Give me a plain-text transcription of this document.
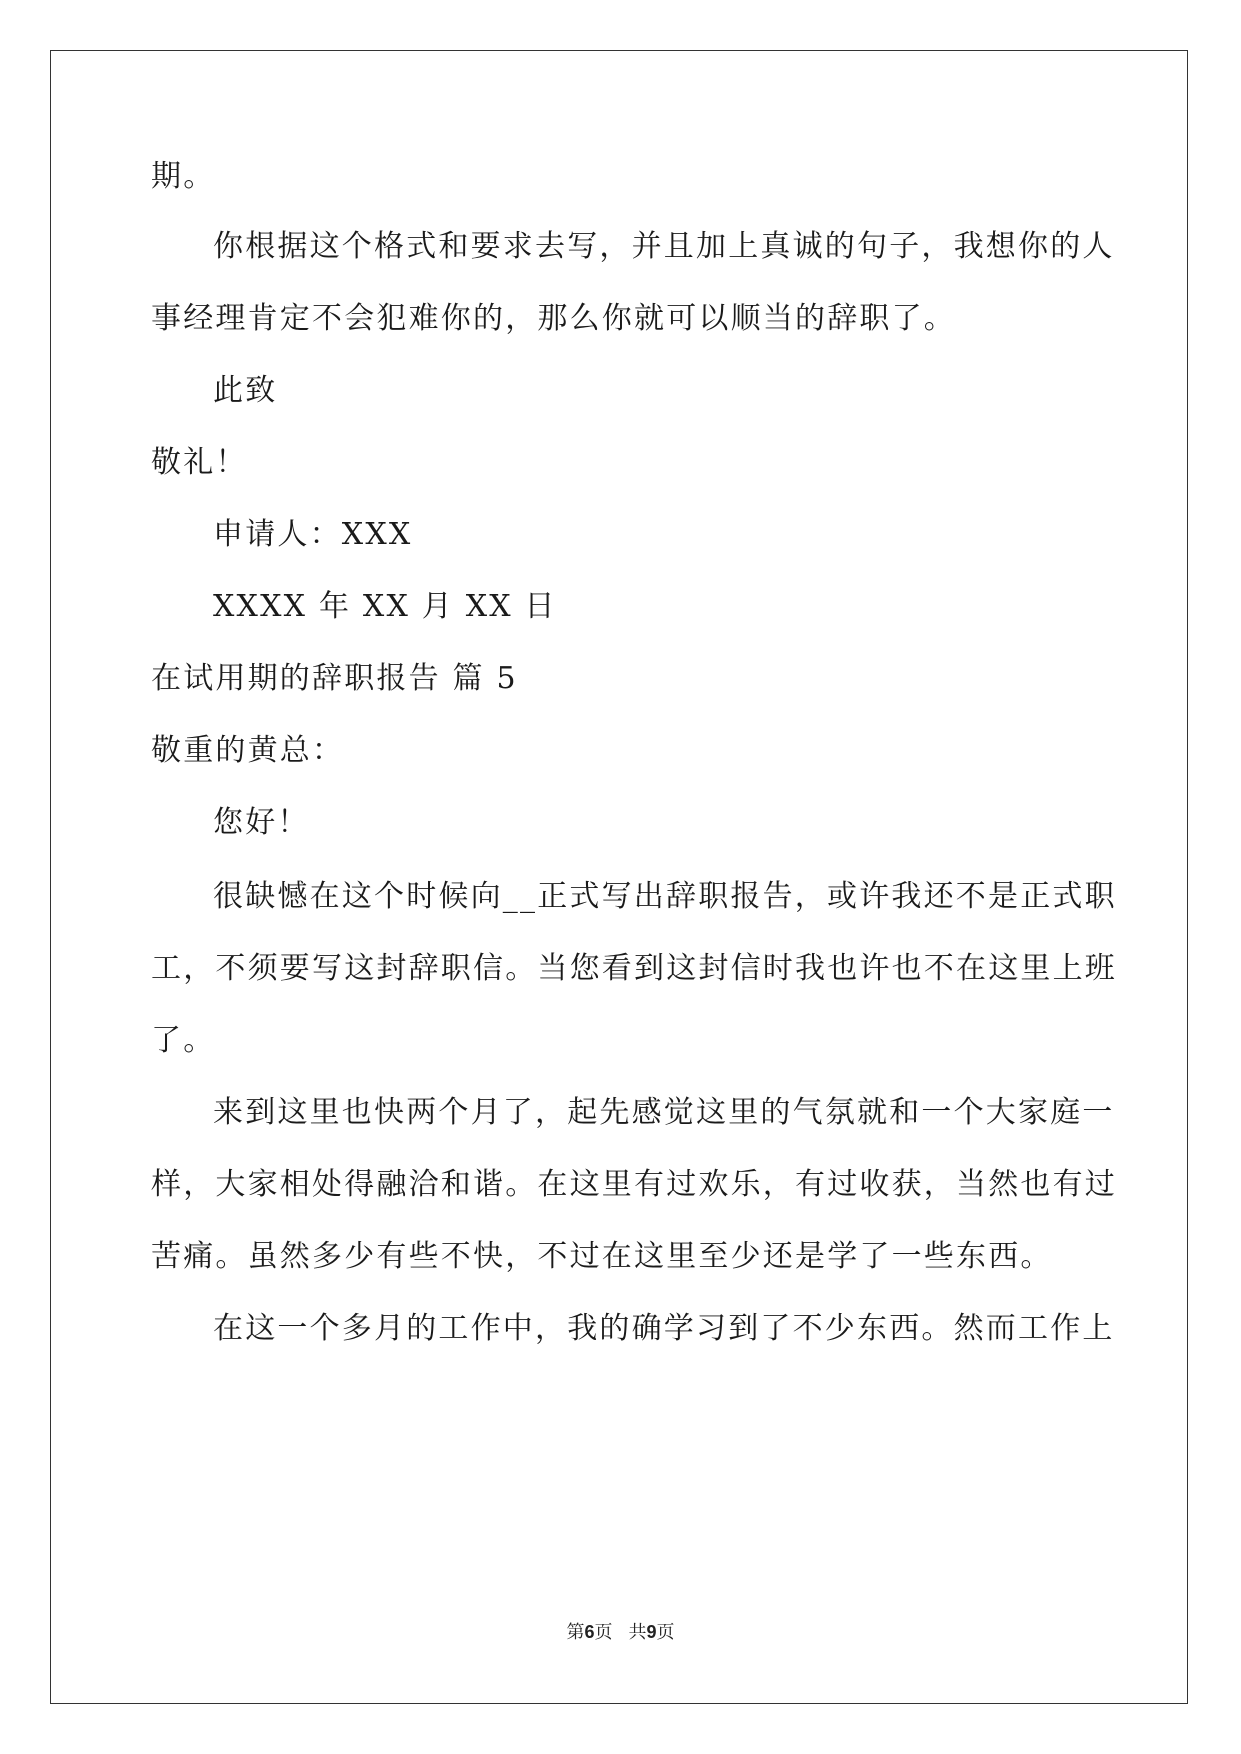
期。
你根据这个格式和要求去写，并且加上真诚的句子，我想你的人
事经理肯定不会犯难你的，那么你就可以顺当的辞职了。
此致
敬礼！
申请人：XXX
XXXX 年 XX 月 XX 日
在试用期的辞职报告 篇 5
敬重的黄总：
您好！
很缺憾在这个时候向__正式写出辞职报告，或许我还不是正式职
工，不须要写这封辞职信。当您看到这封信时我也许也不在这里上班
了。
来到这里也快两个月了，起先感觉这里的气氛就和一个大家庭一
样，大家相处得融洽和谐。在这里有过欢乐，有过收获，当然也有过
苦痛。虽然多少有些不快，不过在这里至少还是学了一些东西。
在这一个多月的工作中，我的确学习到了不少东西。然而工作上
第6页 共9页
